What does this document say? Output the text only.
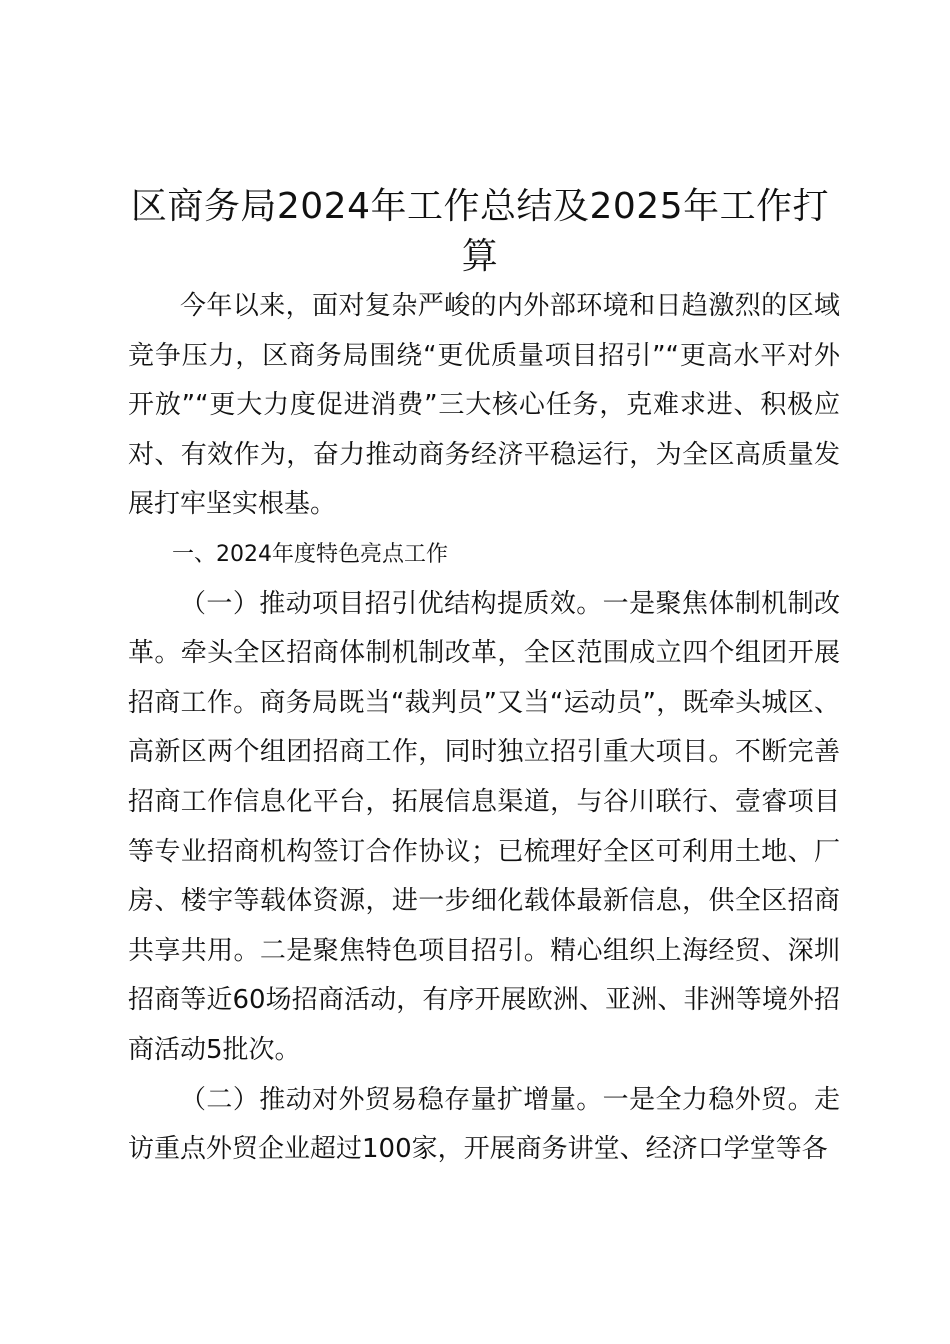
区商务局2024年工作总结及2025年工作打算

今年以来，面对复杂严峻的内外部环境和日趋激烈的区域竞争压力，区商务局围绕“更优质量项目招引”“更高水平对外开放”“更大力度促进消费”三大核心任务，克难求进、积极应对、有效作为，奋力推动商务经济平稳运行，为全区高质量发展打牢坚实根基。

一、2024年度特色亮点工作

（一）推动项目招引优结构提质效。一是聚焦体制机制改革。牵头全区招商体制机制改革，全区范围成立四个组团开展招商工作。商务局既当“裁判员”又当“运动员”，既牵头城区、高新区两个组团招商工作，同时独立招引重大项目。不断完善招商工作信息化平台，拓展信息渠道，与谷川联行、壹睿项目等专业招商机构签订合作协议；已梳理好全区可利用土地、厂房、楼宇等载体资源，进一步细化载体最新信息，供全区招商共享共用。二是聚焦特色项目招引。精心组织上海经贸、深圳招商等近60场招商活动，有序开展欧洲、亚洲、非洲等境外招商活动5批次。

（二）推动对外贸易稳存量扩增量。一是全力稳外贸。走访重点外贸企业超过100家，开展商务讲堂、经济口学堂等各
